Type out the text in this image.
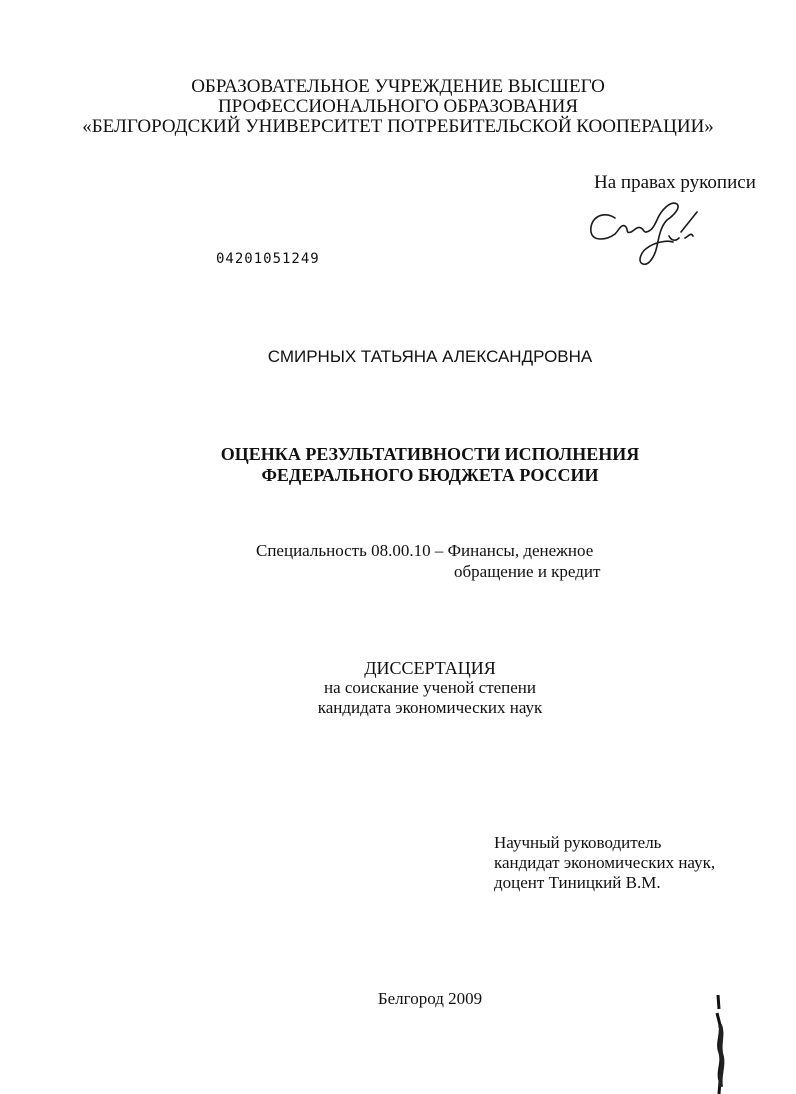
ОБРАЗОВАТЕЛЬНОЕ УЧРЕЖДЕНИЕ ВЫСШЕГО
ПРОФЕССИОНАЛЬНОГО ОБРАЗОВАНИЯ
«БЕЛГОРОДСКИЙ УНИВЕРСИТЕТ ПОТРЕБИТЕЛЬСКОЙ КООПЕРАЦИИ»
На правах рукописи
04201051249
СМИРНЫХ ТАТЬЯНА АЛЕКСАНДРОВНА
ОЦЕНКА РЕЗУЛЬТАТИВНОСТИ ИСПОЛНЕНИЯ
ФЕДЕРАЛЬНОГО БЮДЖЕТА РОССИИ
Специальность 08.00.10 – Финансы, денежное
обращение и кредит
ДИССЕРТАЦИЯ
на соискание ученой степени
кандидата экономических наук
Научный руководитель
кандидат экономических наук,
доцент Тиницкий В.М.
Белгород 2009
